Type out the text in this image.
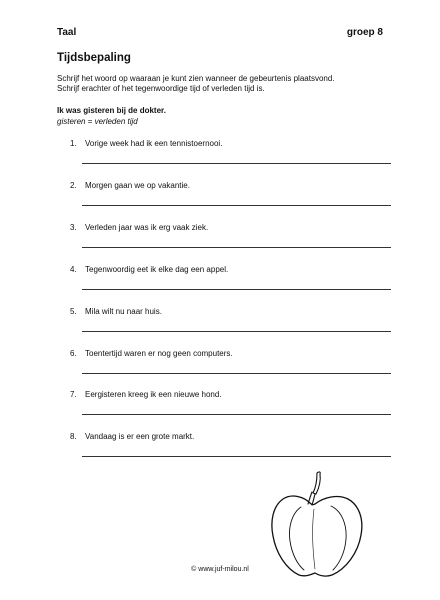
Taal	groep 8
Tijdsbepaling
Schrijf het woord op waaraan je kunt zien wanneer de gebeurtenis plaatsvond.
Schrijf erachter of het tegenwoordige tijd of verleden tijd is.
Ik was gisteren bij de dokter.
gisteren = verleden tijd
1. Vorige week had ik een tennistoernooi.
2. Morgen gaan we op vakantie.
3. Verleden jaar was ik erg vaak ziek.
4. Tegenwoordig eet ik elke dag een appel.
5. Mila wilt nu naar huis.
6. Toentertijd waren er nog geen computers.
7. Eergisteren kreeg ik een nieuwe hond.
8. Vandaag is er een grote markt.
© www.juf-milou.nl
